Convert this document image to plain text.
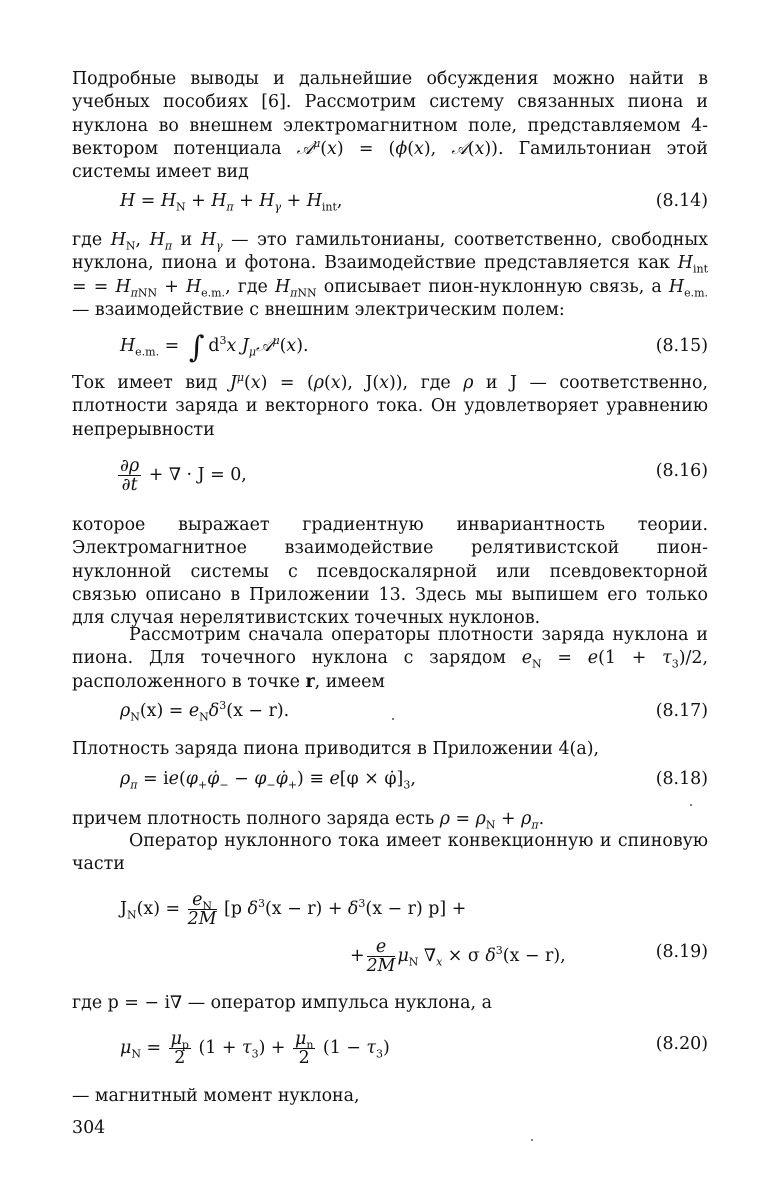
Подробные выводы и дальнейшие обсуждения можно найти в учебных пособиях [6]. Рассмотрим систему связанных пиона и нуклона во внешнем электромагнитном поле, представляемом 4-вектором потенциала 𝒜$^\mu$(x) = (ϕ(x), 𝒜(x)). Гамильтониан этой системы имеет вид

$H = H_N + H_\pi + H_\gamma + H_{int}$,	(8.14)

где $H_N$, $H_\pi$ и $H_\gamma$ — это гамильтонианы, соответственно, свободных нуклона, пиона и фотона. Взаимодействие представляется как $H_{int}$ = = $H_{\pi NN} + H_{e.m.}$, где $H_{\pi NN}$ описывает пион-нуклонную связь, а $H_{e.m.}$ — взаимодействие с внешним электрическим полем:

$H_{e.m.}$ = ∫ $d^3x$ $J_\mu 𝒜^\mu(x)$.	(8.15)

Ток имеет вид $J^\mu(x) = (\rho(x)$, J(x)), где ρ и J — соответственно, плотности заряда и векторного тока. Он удовлетворяет уравнению непрерывности

$\frac{\partial\rho}{\partial t}$ + ∇ · J = 0,	(8.16)

которое выражает градиентную инвариантность теории. Электромагнитное взаимодействие релятивистской пион-нуклонной системы с псевдоскалярной или псевдовекторной связью описано в Приложении 13. Здесь мы выпишем его только для случая нерелятивистских точечных нуклонов.

Рассмотрим сначала операторы плотности заряда нуклона и пиона. Для точечного нуклона с зарядом $e_N = e(1 + \tau_3)/2$, расположенного в точке r, имеем

$\rho_N(x) = e_N\delta^3(x - r)$.	(8.17)

Плотность заряда пиона приводится в Приложении 4(а),

$\rho_\pi$ = $ie(\varphi_+\varphi̇_-$ − $\varphi_-\varphi̇_+) \equiv e[\varphi$ × $\varphi̇]_3$,	(8.18)

причем плотность полного заряда есть $\rho = \rho_N + \rho_\pi$.

Оператор нуклонного тока имеет конвекционную и спиновую части

$J_N(x) = \frac{e_N}{2M} [p$ $\delta^3(x - r) + \delta^3(x - r) p$] +
+ $\frac{e}{2M} \mu_N$ $\nabla_x \times \sigma$ $\delta^3(x - r)$,	(8.19)

где p = − i∇ — оператор импульса нуклона, а

$\mu_N = \frac{\mu_p}{2} (1 + \tau_3) + \frac{\mu_n}{2} (1 - \tau_3)$	(8.20)

— магнитный момент нуклона,

304
